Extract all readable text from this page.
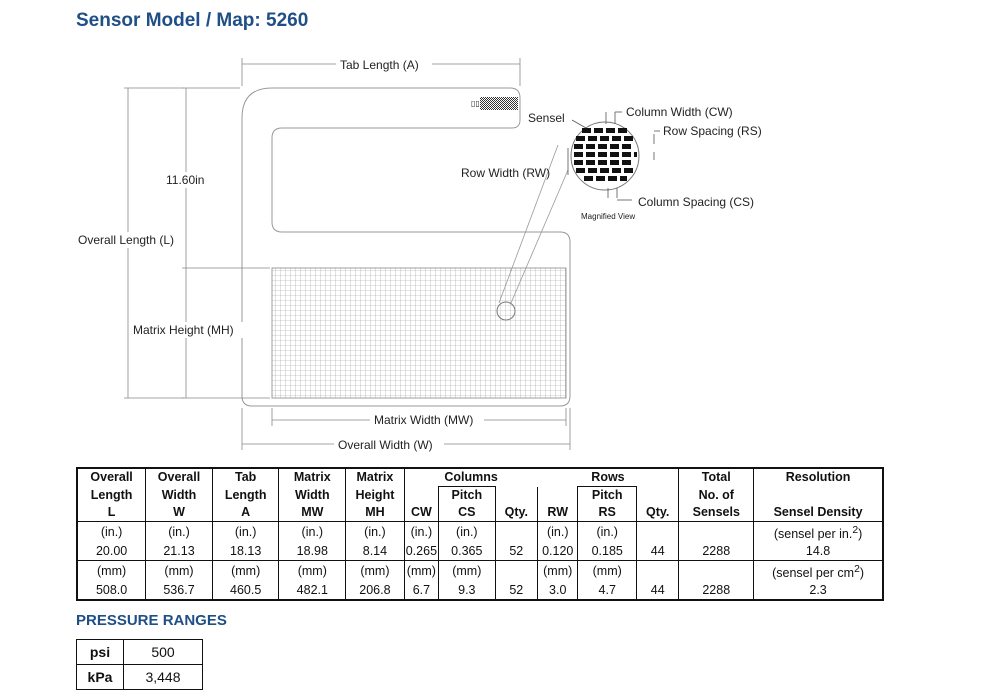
Sensor Model / Map: 5260
▯▯
Tab Length (A)
11.60in
Overall Length (L)
Matrix Height (MH)
Matrix Width (MW)
Overall Width (W)
Sensel	Column Width (CW)
Row Spacing (RS)
Row Width (RW)
Column Spacing (CS)
Magnified View
Overall	Overall	Tab	Matrix	Matrix	Columns			Rows			Total	Resolution
Length	Width	Length	Width	Height		Pitch			Pitch		No. of	
L	W	A	MW	MH	CW	CS	Qty.	RW	RS	Qty.	Sensels	Sensel Density
(in.)	(in.)	(in.)	(in.)	(in.)	(in.)	(in.)		(in.)	(in.)			(sensel per in.$^2$)
20.00	21.13	18.13	18.98	8.14	0.265	0.365	52	0.120	0.185	44	2288	14.8
(mm)	(mm)	(mm)	(mm)	(mm)	(mm)	(mm)		(mm)	(mm)			(sensel per $cm^2$)
508.0	536.7	460.5	482.1	206.8	6.7	9.3	52	3.0	4.7	44	2288	2.3
PRESSURE RANGES
psi	500
kPa	3,448
